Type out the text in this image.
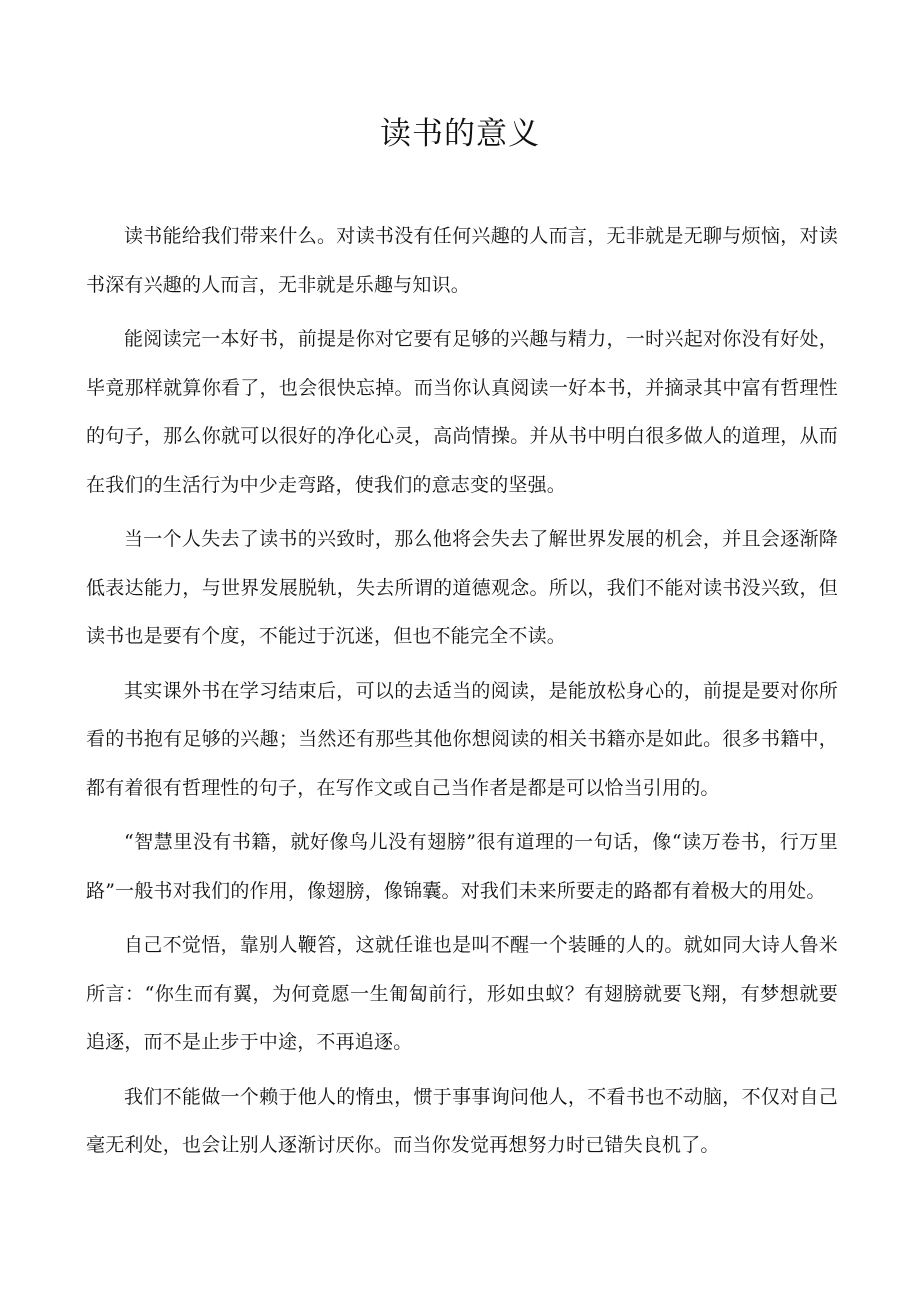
读书的意义

读书能给我们带来什么。对读书没有任何兴趣的人而言，无非就是无聊与烦恼，对读书深有兴趣的人而言，无非就是乐趣与知识。

能阅读完一本好书，前提是你对它要有足够的兴趣与精力，一时兴起对你没有好处，毕竟那样就算你看了，也会很快忘掉。而当你认真阅读一好本书，并摘录其中富有哲理性的句子，那么你就可以很好的净化心灵，高尚情操。并从书中明白很多做人的道理，从而在我们的生活行为中少走弯路，使我们的意志变的坚强。

当一个人失去了读书的兴致时，那么他将会失去了解世界发展的机会，并且会逐渐降低表达能力，与世界发展脱轨，失去所谓的道德观念。所以，我们不能对读书没兴致，但读书也是要有个度，不能过于沉迷，但也不能完全不读。

其实课外书在学习结束后，可以的去适当的阅读，是能放松身心的，前提是要对你所看的书抱有足够的兴趣；当然还有那些其他你想阅读的相关书籍亦是如此。很多书籍中，都有着很有哲理性的句子，在写作文或自己当作者是都是可以恰当引用的。

“智慧里没有书籍，就好像鸟儿没有翅膀”很有道理的一句话，像“读万卷书，行万里路”一般书对我们的作用，像翅膀，像锦囊。对我们未来所要走的路都有着极大的用处。

自己不觉悟，靠别人鞭笞，这就任谁也是叫不醒一个装睡的人的。就如同大诗人鲁米所言：“你生而有翼，为何竟愿一生匍匐前行，形如虫蚁？有翅膀就要飞翔，有梦想就要追逐，而不是止步于中途，不再追逐。

我们不能做一个赖于他人的惰虫，惯于事事询问他人，不看书也不动脑，不仅对自己毫无利处，也会让别人逐渐讨厌你。而当你发觉再想努力时已错失良机了。
